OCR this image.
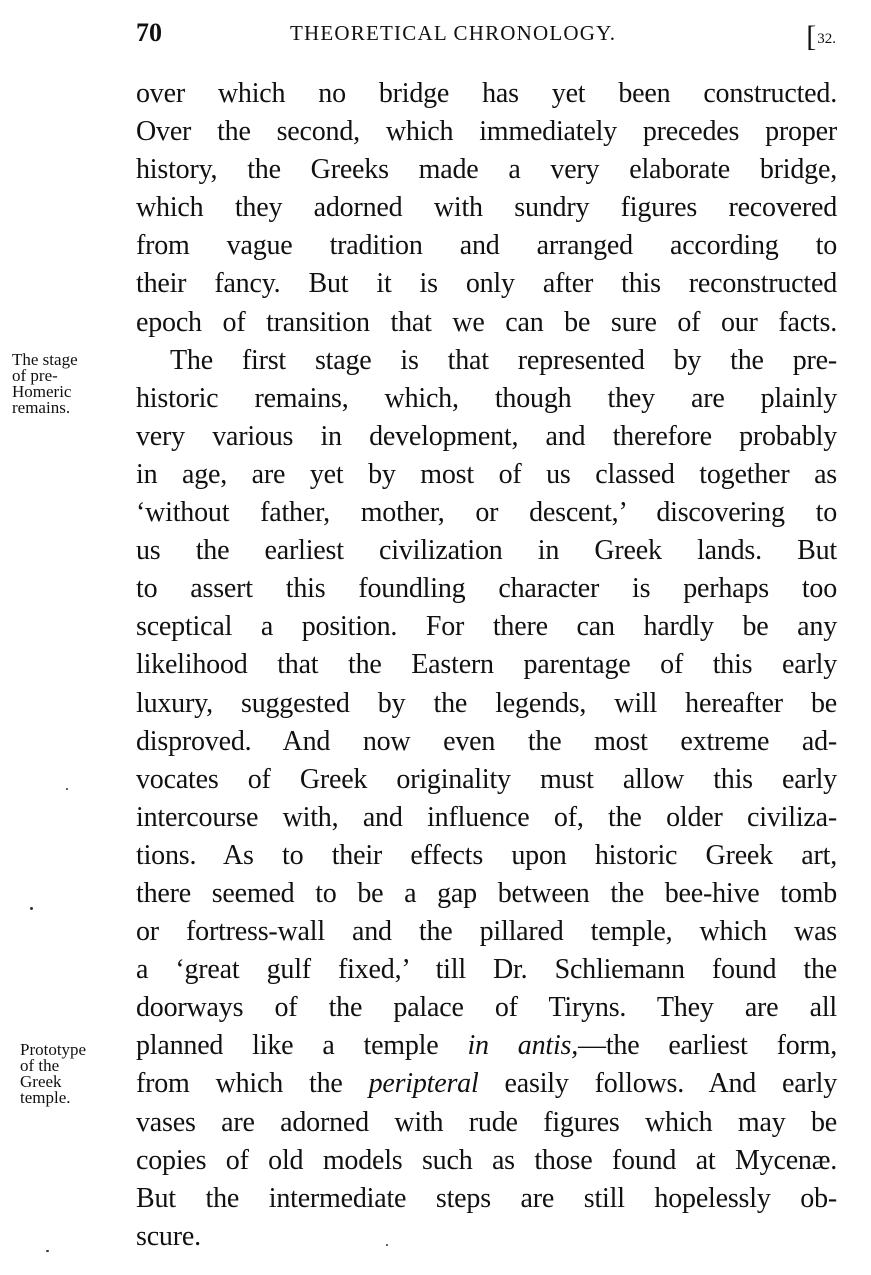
70	THEORETICAL CHRONOLOGY.	[32.
The stage
of pre-
Homeric
remains.
Prototype
of the
Greek
temple.
over which no bridge has yet been constructed.
Over the second, which immediately precedes proper
history, the Greeks made a very elaborate bridge,
which they adorned with sundry figures recovered
from vague tradition and arranged according to
their fancy. But it is only after this reconstructed
epoch of transition that we can be sure of our facts.
The first stage is that represented by the pre-
historic remains, which, though they are plainly
very various in development, and therefore probably
in age, are yet by most of us classed together as
‘without father, mother, or descent,’ discovering to
us the earliest civilization in Greek lands. But
to assert this foundling character is perhaps too
sceptical a position. For there can hardly be any
likelihood that the Eastern parentage of this early
luxury, suggested by the legends, will hereafter be
disproved. And now even the most extreme ad-
vocates of Greek originality must allow this early
intercourse with, and influence of, the older civiliza-
tions. As to their effects upon historic Greek art,
there seemed to be a gap between the bee-hive tomb
or fortress-wall and the pillared temple, which was
a ‘great gulf fixed,’ till Dr. Schliemann found the
doorways of the palace of Tiryns. They are all
planned like a temple in antis,—the earliest form,
from which the peripteral easily follows. And early
vases are adorned with rude figures which may be
copies of old models such as those found at Mycenæ.
But the intermediate steps are still hopelessly ob-
scure.
